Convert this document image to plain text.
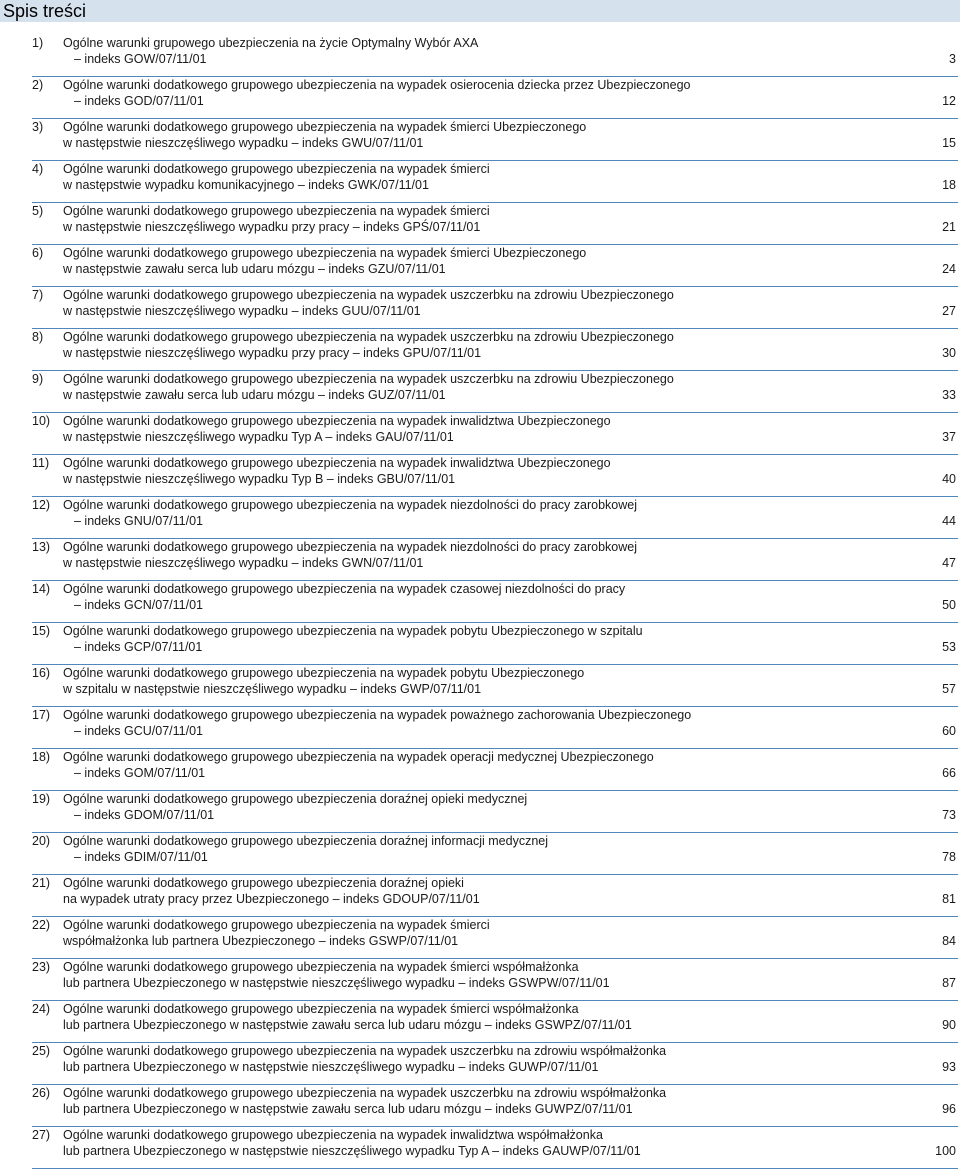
Spis treści
1) Ogólne warunki grupowego ubezpieczenia na życie Optymalny Wybór AXA
– indeks GOW/07/11/01	3
2) Ogólne warunki dodatkowego grupowego ubezpieczenia na wypadek osierocenia dziecka przez Ubezpieczonego
– indeks GOD/07/11/01	12
3) Ogólne warunki dodatkowego grupowego ubezpieczenia na wypadek śmierci Ubezpieczonego
w następstwie nieszczęśliwego wypadku – indeks GWU/07/11/01	15
4) Ogólne warunki dodatkowego grupowego ubezpieczenia na wypadek śmierci
w następstwie wypadku komunikacyjnego – indeks GWK/07/11/01	18
5) Ogólne warunki dodatkowego grupowego ubezpieczenia na wypadek śmierci
w następstwie nieszczęśliwego wypadku przy pracy – indeks GPŚ/07/11/01	21
6) Ogólne warunki dodatkowego grupowego ubezpieczenia na wypadek śmierci Ubezpieczonego
w następstwie zawału serca lub udaru mózgu – indeks GZU/07/11/01	24
7) Ogólne warunki dodatkowego grupowego ubezpieczenia na wypadek uszczerbku na zdrowiu Ubezpieczonego
w następstwie nieszczęśliwego wypadku – indeks GUU/07/11/01	27
8) Ogólne warunki dodatkowego grupowego ubezpieczenia na wypadek uszczerbku na zdrowiu Ubezpieczonego
w następstwie nieszczęśliwego wypadku przy pracy – indeks GPU/07/11/01	30
9) Ogólne warunki dodatkowego grupowego ubezpieczenia na wypadek uszczerbku na zdrowiu Ubezpieczonego
w następstwie zawału serca lub udaru mózgu – indeks GUZ/07/11/01	33
10) Ogólne warunki dodatkowego grupowego ubezpieczenia na wypadek inwalidztwa Ubezpieczonego
w następstwie nieszczęśliwego wypadku Typ A – indeks GAU/07/11/01	37
11) Ogólne warunki dodatkowego grupowego ubezpieczenia na wypadek inwalidztwa Ubezpieczonego
w następstwie nieszczęśliwego wypadku Typ B – indeks GBU/07/11/01	40
12) Ogólne warunki dodatkowego grupowego ubezpieczenia na wypadek niezdolności do pracy zarobkowej
– indeks GNU/07/11/01	44
13) Ogólne warunki dodatkowego grupowego ubezpieczenia na wypadek niezdolności do pracy zarobkowej
w następstwie nieszczęśliwego wypadku – indeks GWN/07/11/01	47
14) Ogólne warunki dodatkowego grupowego ubezpieczenia na wypadek czasowej niezdolności do pracy
– indeks GCN/07/11/01	50
15) Ogólne warunki dodatkowego grupowego ubezpieczenia na wypadek pobytu Ubezpieczonego w szpitalu
– indeks GCP/07/11/01	53
16) Ogólne warunki dodatkowego grupowego ubezpieczenia na wypadek pobytu Ubezpieczonego
w szpitalu w następstwie nieszczęśliwego wypadku – indeks GWP/07/11/01	57
17) Ogólne warunki dodatkowego grupowego ubezpieczenia na wypadek poważnego zachorowania Ubezpieczonego
– indeks GCU/07/11/01	60
18) Ogólne warunki dodatkowego grupowego ubezpieczenia na wypadek operacji medycznej Ubezpieczonego
– indeks GOM/07/11/01	66
19) Ogólne warunki dodatkowego grupowego ubezpieczenia doraźnej opieki medycznej
– indeks GDOM/07/11/01	73
20) Ogólne warunki dodatkowego grupowego ubezpieczenia doraźnej informacji medycznej
– indeks GDIM/07/11/01	78
21) Ogólne warunki dodatkowego grupowego ubezpieczenia doraźnej opieki
na wypadek utraty pracy przez Ubezpieczonego – indeks GDOUP/07/11/01	81
22) Ogólne warunki dodatkowego grupowego ubezpieczenia na wypadek śmierci
współmałżonka lub partnera Ubezpieczonego – indeks GSWP/07/11/01	84
23) Ogólne warunki dodatkowego grupowego ubezpieczenia na wypadek śmierci współmałżonka
lub partnera Ubezpieczonego w następstwie nieszczęśliwego wypadku – indeks GSWPW/07/11/01	87
24) Ogólne warunki dodatkowego grupowego ubezpieczenia na wypadek śmierci współmałżonka
lub partnera Ubezpieczonego w następstwie zawału serca lub udaru mózgu – indeks GSWPZ/07/11/01	90
25) Ogólne warunki dodatkowego grupowego ubezpieczenia na wypadek uszczerbku na zdrowiu współmałżonka
lub partnera Ubezpieczonego w następstwie nieszczęśliwego wypadku – indeks GUWP/07/11/01	93
26) Ogólne warunki dodatkowego grupowego ubezpieczenia na wypadek uszczerbku na zdrowiu współmałżonka
lub partnera Ubezpieczonego w następstwie zawału serca lub udaru mózgu – indeks GUWPZ/07/11/01	96
27) Ogólne warunki dodatkowego grupowego ubezpieczenia na wypadek inwalidztwa współmałżonka
lub partnera Ubezpieczonego w następstwie nieszczęśliwego wypadku Typ A – indeks GAUWP/07/11/01	100
